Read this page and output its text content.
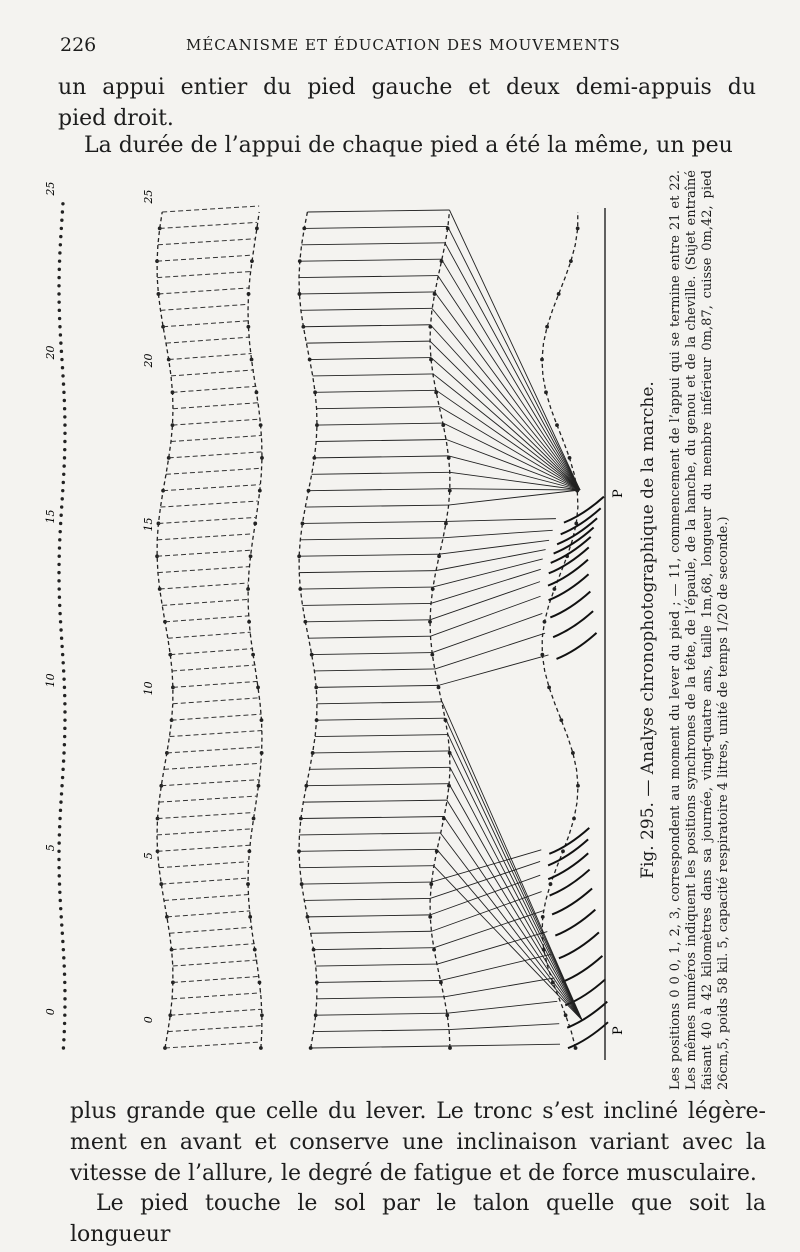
226	MÉCANISME ET ÉDUCATION DES MOUVEMENTS

un appui entier du pied gauche et deux demi-appuis du

pied droit.

La durée de l’appui de chaque pied a été la même, un peu

P
P
0
5
10
15
20
25
0
5
10
15
20
25

Fig. 295. — Analyse chronophotographique de la marche. Les positions 0 0 0, 1, 2, 3, correspondent au moment du lever du pied ; — 11, commencement de l’appui qui se termine entre 21 et 22. Les mêmes numéros indiquent les positions synchrones de la tête, de l’épaule, de la hanche, du genou et de la cheville. (Sujet entraîné faisant 40 à 42 kilomètres dans sa journée, vingt-quatre ans, taille 1m,68, longueur du membre inférieur 0m,87, cuisse 0m,42, pied 26cm,5, poids 58 kil. 5, capacité respiratoire 4 litres, unité de temps 1/20 de seconde.)

plus grande que celle du lever. Le tronc s’est incliné légère-

ment en avant et conserve une inclinaison variant avec la

vitesse de l’allure, le degré de fatigue et de force musculaire.

Le pied touche le sol par le talon quelle que soit la longueur
